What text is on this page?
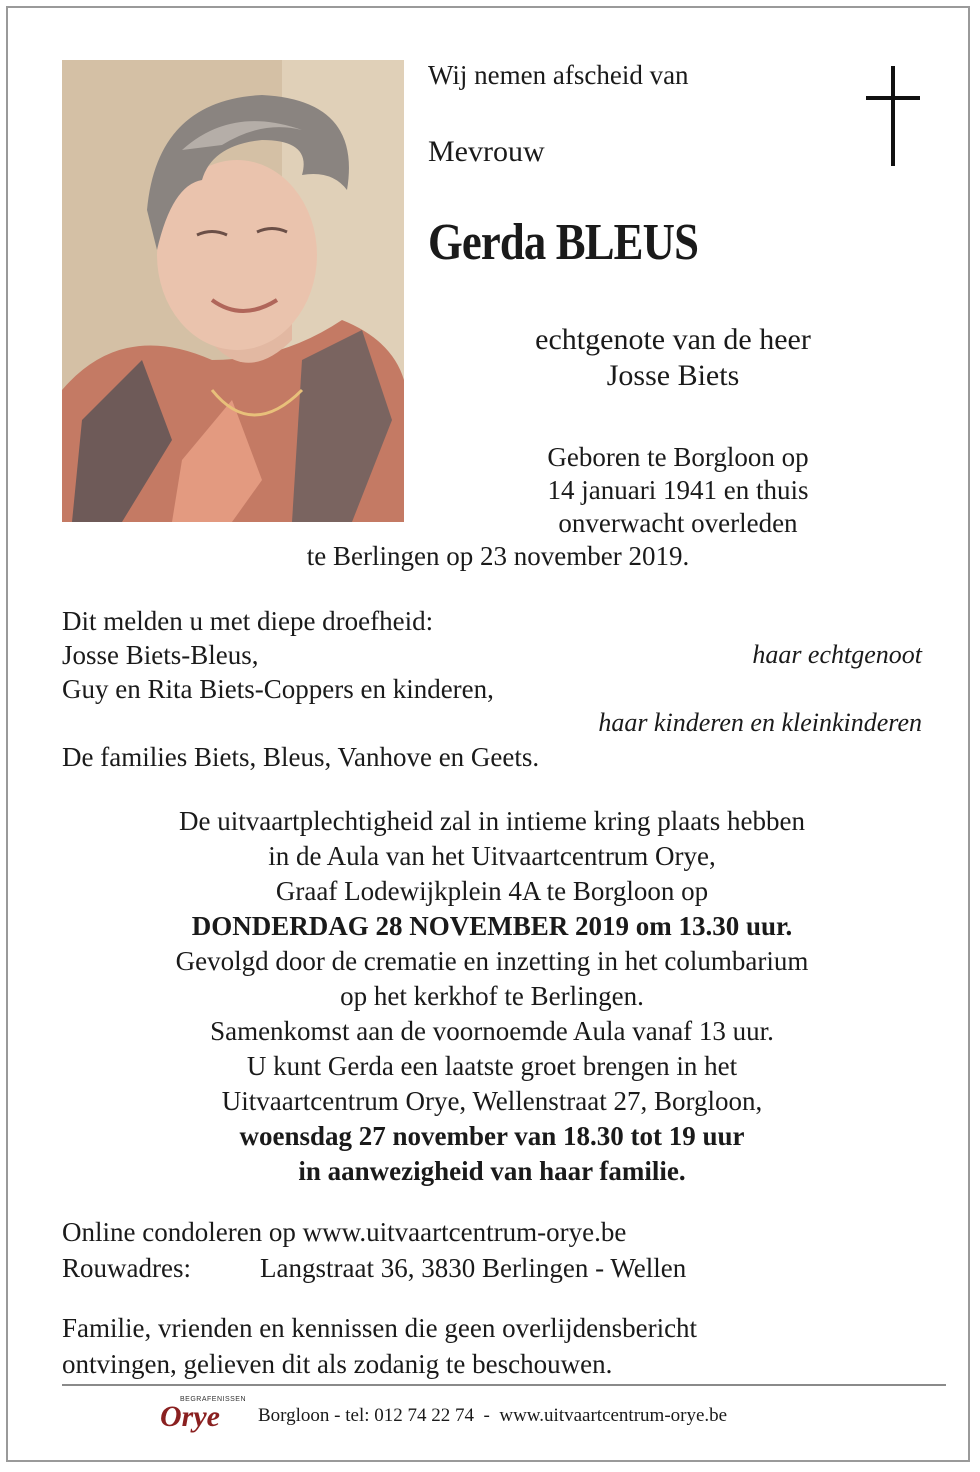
Wij nemen afscheid van
Mevrouw
Gerda BLEUS
echtgenote van de heer
Josse Biets
Geboren te Borgloon op
14 januari 1941 en thuis
onverwacht overleden
te Berlingen op 23 november 2019.
Dit melden u met diepe droefheid:
Josse Biets-Bleus,	haar echtgenoot
Guy en Rita Biets-Coppers en kinderen,
haar kinderen en kleinkinderen
De families Biets, Bleus, Vanhove en Geets.
De uitvaartplechtigheid zal in intieme kring plaats hebben
in de Aula van het Uitvaartcentrum Orye,
Graaf Lodewijkplein 4A te Borgloon op
DONDERDAG 28 NOVEMBER 2019 om 13.30 uur.
Gevolgd door de crematie en inzetting in het columbarium
op het kerkhof te Berlingen.
Samenkomst aan de voornoemde Aula vanaf 13 uur.
U kunt Gerda een laatste groet brengen in het
Uitvaartcentrum Orye, Wellenstraat 27, Borgloon,
woensdag 27 november van 18.30 tot 19 uur
in aanwezigheid van haar familie.
Online condoleren op www.uitvaartcentrum-orye.be
Rouwadres:	Langstraat 36, 3830 Berlingen - Wellen
Familie, vrienden en kennissen die geen overlijdensbericht
ontvingen, gelieven dit als zodanig te beschouwen.
BEGRAFENISSEN
Orye Borgloon - tel: 012 74 22 74  -  www.uitvaartcentrum-orye.be
